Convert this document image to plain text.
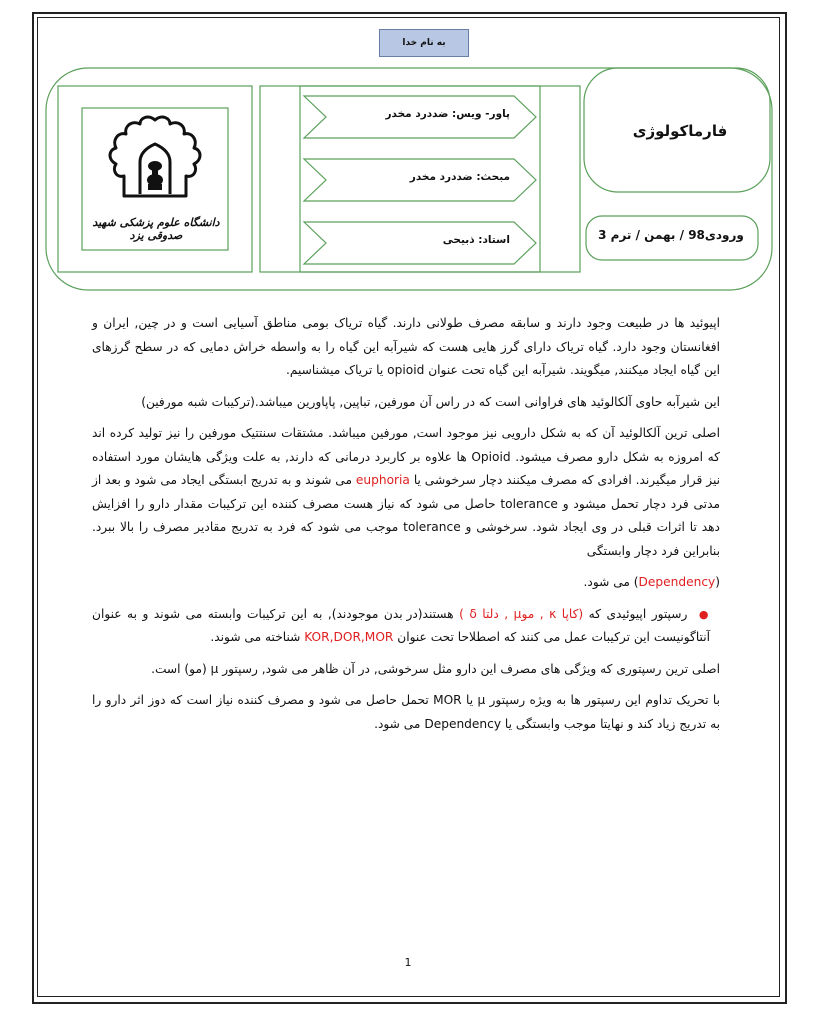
به نام خدا
فارماکولوژی
ورودی98 / بهمن / ترم 3
پاور- ویس: ضددرد مخدر
مبحث: ضددرد مخدر
استاد: ذبیحی
دانشگاه علوم پزشکی شهید صدوقی یزد

اپیوئید ها در طبیعت وجود دارند و سابقه مصرف طولانی دارند. گیاه تریاک بومی مناطق آسیایی است و در چین, ایران و افغانستان وجود دارد. گیاه تریاک دارای گرز هایی هست که شیرآبه این گیاه را به واسطه خراش دمایی که در سطح گرزهای این گیاه ایجاد میکنند, میگویند. شیرآبه این گیاه تحت عنوان opioid یا تریاک میشناسیم.

این شیرآبه حاوی آلکالوئید های فراوانی است که در راس آن مورفین, تباپین, پاپاورین میباشد.(ترکیبات شبه مورفین)

اصلی ترین آلکالوئید آن که به شکل دارویی نیز موجود است, مورفین میباشد. مشتقات سنتتیک مورفین را نیز تولید کرده اند که امروزه به شکل دارو مصرف میشود. Opioid ها علاوه بر کاربرد درمانی که دارند, به علت ویژگی هایشان مورد استفاده نیز قرار میگیرند. افرادی که مصرف میکنند دچار سرخوشی یا euphoria می شوند و به تدریج ابستگی ایجاد می شود و بعد از مدتی فرد دچار تحمل میشود و tolerance حاصل می شود که نیاز هست مصرف کننده این ترکیبات مقدار دارو را افزایش دهد تا اثرات قبلی در وی ایجاد شود. سرخوشی و tolerance موجب می شود که فرد به تدریج مقادیر مصرف را بالا ببرد. بنابراین فرد دچار وابستگی

(Dependency) می شود.

● رسپتور اپیوئیدی که (کاپا κ , موμ , دلتا δ ) هستند(در بدن موجودند), به این ترکیبات وابسته می شوند و به عنوان آنتاگونیست این ترکیبات عمل می کنند که اصطلاحا تحت عنوان KOR,DOR,MOR شناخته می شوند.

اصلی ترین رسپتوری که ویژگی های مصرف این دارو مثل سرخوشی, در آن ظاهر می شود, رسپتور μ (مو) است.

با تحریک تداوم این رسپتور ها به ویژه رسپتور μ یا MOR تحمل حاصل می شود و مصرف کننده نیاز است که دوز اثر دارو را به تدریج زیاد کند و نهایتا موجب وابستگی یا Dependency می شود.

1
